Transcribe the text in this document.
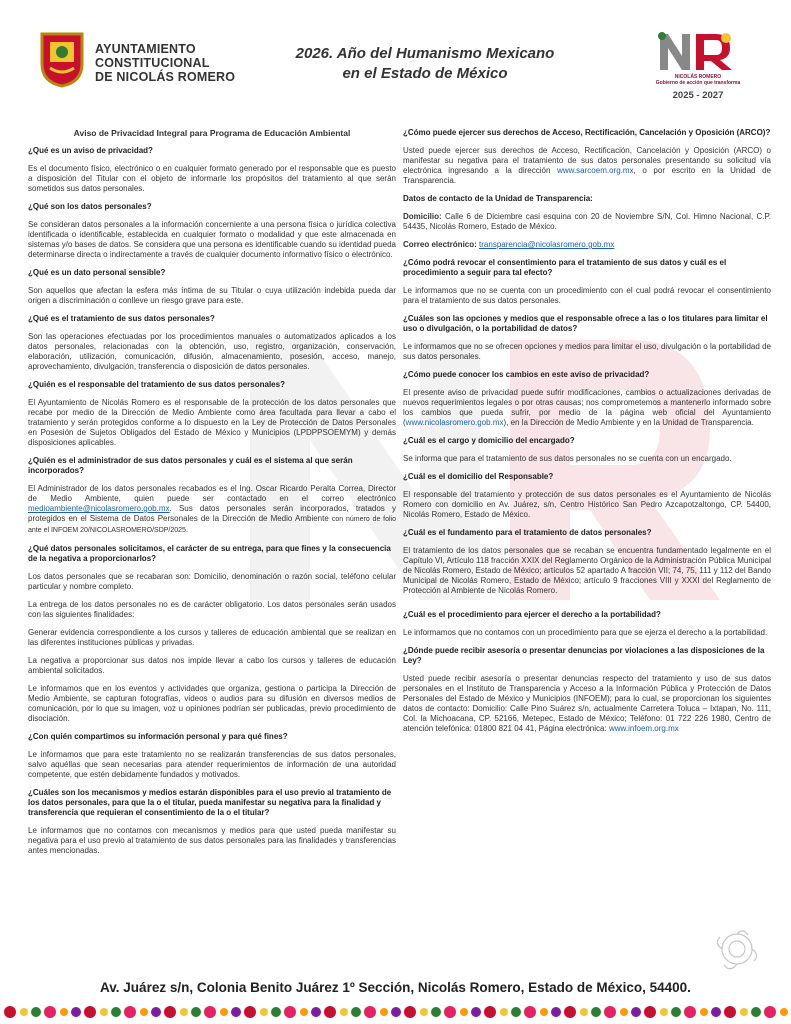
AYUNTAMIENTO
CONSTITUCIONAL
DE NICOLÁS ROMERO
2026. Año del Humanismo Mexicano
en el Estado de México	NICOLÁS ROMERO
Gobierno de acción que transforma
2025 - 2027
Aviso de Privacidad Integral para Programa de Educación Ambiental
¿Qué es un aviso de privacidad?

Es el documento físico, electrónico o en cualquier formato generado por el responsable que es puesto a disposición del Titular con el objeto de informarle los propósitos del tratamiento al que serán sometidos sus datos personales.

¿Qué son los datos personales?

Se consideran datos personales a la información concerniente a una persona física o jurídica colectiva identificada o identificable, establecida en cualquier formato o modalidad y que este almacenada en sistemas y/o bases de datos. Se considera que una persona es identificable cuando su identidad pueda determinarse directa o indirectamente a través de cualquier documento informativo físico o electrónico.

¿Qué es un dato personal sensible?

Son aquellos que afectan la esfera más íntima de su Titular o cuya utilización indebida pueda dar origen a discriminación o conlleve un riesgo grave para este.

¿Qué es el tratamiento de sus datos personales?

Son las operaciones efectuadas por los procedimientos manuales o automatizados aplicados a los datos personales, relacionadas con la obtención, uso, registro, organización, conservación, elaboración, utilización, comunicación, difusión, almacenamiento, posesión, acceso, manejo, aprovechamiento, divulgación, transferencia o disposición de datos personales.

¿Quién es el responsable del tratamiento de sus datos personales?

El Ayuntamiento de Nicolás Romero es el responsable de la protección de los datos personales que recabe por medio de la Dirección de Medio Ambiente como área facultada para llevar a cabo el tratamiento y serán protegidos conforme a lo dispuesto en la Ley de Protección de Datos Personales en Posesión de Sujetos Obligados del Estado de México y Municipios (LPDPPSOEMYM) y demás disposiciones aplicables.

¿Quién es el administrador de sus datos personales y cuál es el sistema al que serán incorporados?

El Administrador de los datos personales recabados es el Ing. Oscar Ricardo Peralta Correa, Director de Medio Ambiente, quien puede ser contactado en el correo electrónico medioambiente@nicolasromero.gob.mx. Sus datos personales serán incorporados, tratados y protegidos en el Sistema de Datos Personales de la Dirección de Medio Ambiente con número de folio ante el INFOEM 20/NICOLASROMERO/SDP/2025.

¿Qué datos personales solicitamos, el carácter de su entrega, para que fines y la consecuencia de la negativa a proporcionarlos?

Los datos personales que se recabaran son: Domicilio, denominación o razón social, teléfono celular particular y nombre completo.

La entrega de los datos personales no es de carácter obligatorio. Los datos personales serán usados con las siguientes finalidades:

Generar evidencia correspondiente a los cursos y talleres de educación ambiental que se realizan en las diferentes instituciones públicas y privadas.

La negativa a proporcionar sus datos nos impide llevar a cabo los cursos y talleres de educación ambiental solicitados.

Le informamos que en los eventos y actividades que organiza, gestiona o participa la Dirección de Medio Ambiente, se capturan fotografías, videos o audios para su difusión en diversos medios de comunicación, por lo que su imagen, voz u opiniones podrían ser publicadas, previo procedimiento de disociación.

¿Con quién compartimos su información personal y para qué fines?

Le informamos que para este tratamiento no se realizarán transferencias de sus datos personales, salvo aquéllas que sean necesarias para atender requerimientos de información de una autoridad competente, que estén debidamente fundados y motivados.

¿Cuáles son los mecanismos y medios estarán disponibles para el uso previo al tratamiento de los datos personales, para que la o el titular, pueda manifestar su negativa para la finalidad y transferencia que requieran el consentimiento de la o el titular?

Le informamos que no contamos con mecanismos y medios para que usted pueda manifestar su negativa para el uso previo al tratamiento de sus datos personales para las finalidades y transferencias antes mencionadas.

¿Cómo puede ejercer sus derechos de Acceso, Rectificación, Cancelación y Oposición (ARCO)?

Usted puede ejercer sus derechos de Acceso, Rectificación, Cancelación y Oposición (ARCO) o manifestar su negativa para el tratamiento de sus datos personales presentando su solicitud vía electrónica ingresando a la dirección www.sarcoem.org.mx, o por escrito en la Unidad de Transparencia.

Datos de contacto de la Unidad de Transparencia:

Domicilio: Calle 6 de Diciembre casi esquina con 20 de Noviembre S/N, Col. Himno Nacional, C.P. 54435, Nicolás Romero, Estado de México.

Correo electrónico: transparencia@nicolasromero.gob.mx

¿Cómo podrá revocar el consentimiento para el tratamiento de sus datos y cuál es el procedimiento a seguir para tal efecto?

Le informamos que no se cuenta con un procedimiento con el cual podrá revocar el consentimiento para el tratamiento de sus datos personales.

¿Cuáles son las opciones y medios que el responsable ofrece a las o los titulares para limitar el uso o divulgación, o la portabilidad de datos?

Le informamos que no se ofrecen opciones y medios para limitar el uso, divulgación o la portabilidad de sus datos personales.

¿Cómo puede conocer los cambios en este aviso de privacidad?

El presente aviso de privacidad puede sufrir modificaciones, cambios o actualizaciones derivadas de nuevos requerimientos legales o por otras causas; nos comprometemos a mantenerlo informado sobre los cambios que pueda sufrir, por medio de la página web oficial del Ayuntamiento (www.nicolasromero.gob.mx), en la Dirección de Medio Ambiente y en la Unidad de Transparencia.

¿Cuál es el cargo y domicilio del encargado?

Se informa que para el tratamiento de sus datos personales no se cuenta con un encargado.

¿Cuál es el domicilio del Responsable?

El responsable del tratamiento y protección de sus datos personales es el Ayuntamiento de Nicolás Romero con domicilio en Av. Juárez, s/n, Centro Histórico San Pedro Azcapotzaltongo, CP. 54400, Nicolás Romero, Estado de México.

¿Cuál es el fundamento para el tratamiento de datos personales?

El tratamiento de los datos personales que se recaban se encuentra fundamentado legalmente en el Capítulo VI, Artículo 118 fracción XXIX del Reglamento Orgánico de la Administración Pública Municipal de Nicolás Romero, Estado de México; artículos 52 apartado A fracción VII; 74, 75, 111 y 112 del Bando Municipal de Nicolás Romero, Estado de México; artículo 9 fracciones VIII y XXXI del Reglamento de Protección al Ambiente de Nicolás Romero.

¿Cuál es el procedimiento para ejercer el derecho a la portabilidad?

Le informamos que no contamos con un procedimiento para que se ejerza el derecho a la portabilidad.

¿Dónde puede recibir asesoría o presentar denuncias por violaciones a las disposiciones de la Ley?

Usted puede recibir asesoría o presentar denuncias respecto del tratamiento y uso de sus datos personales en el Instituto de Transparencia y Acceso a la Información Pública y Protección de Datos Personales del Estado de México y Municipios (INFOEM); para lo cual, se proporcionan los siguientes datos de contacto: Domicilio: Calle Pino Suárez s/n, actualmente Carretera Toluca – Ixtapan, No. 111, Col. la Michoacana, CP. 52166, Metepec, Estado de México; Teléfono: 01 722 226 1980, Centro de atención telefónica: 01800 821 04 41, Página electrónica: www.infoem.org.mx

Av. Juárez s/n, Colonia Benito Juárez 1º Sección, Nicolás Romero, Estado de México, 54400.
